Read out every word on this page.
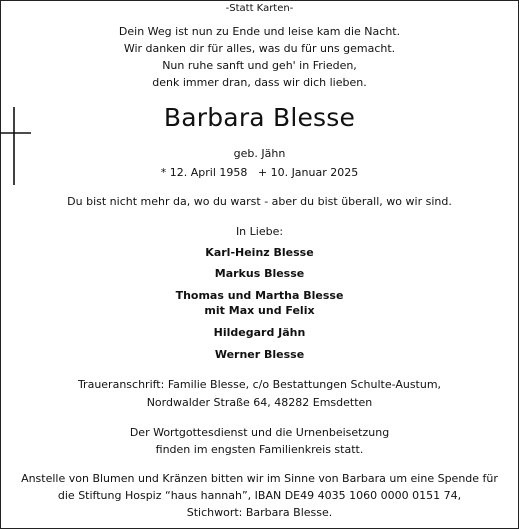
-Statt Karten-
Dein Weg ist nun zu Ende und leise kam die Nacht.
Wir danken dir für alles, was du für uns gemacht.
Nun ruhe sanft und geh' in Frieden,
denk immer dran, dass wir dich lieben.
Barbara Blesse
geb. Jähn
* 12. April 1958   + 10. Januar 2025
Du bist nicht mehr da, wo du warst - aber du bist überall, wo wir sind.
In Liebe:
Karl-Heinz Blesse
Markus Blesse
Thomas und Martha Blesse
mit Max und Felix
Hildegard Jähn
Werner Blesse
Traueranschrift: Familie Blesse, c/o Bestattungen Schulte-Austum,
Nordwalder Straße 64, 48282 Emsdetten
Der Wortgottesdienst und die Urnenbeisetzung
finden im engsten Familienkreis statt.
Anstelle von Blumen und Kränzen bitten wir im Sinne von Barbara um eine Spende für
die Stiftung Hospiz “haus hannah”, IBAN DE49 4035 1060 0000 0151 74,
Stichwort: Barbara Blesse.
